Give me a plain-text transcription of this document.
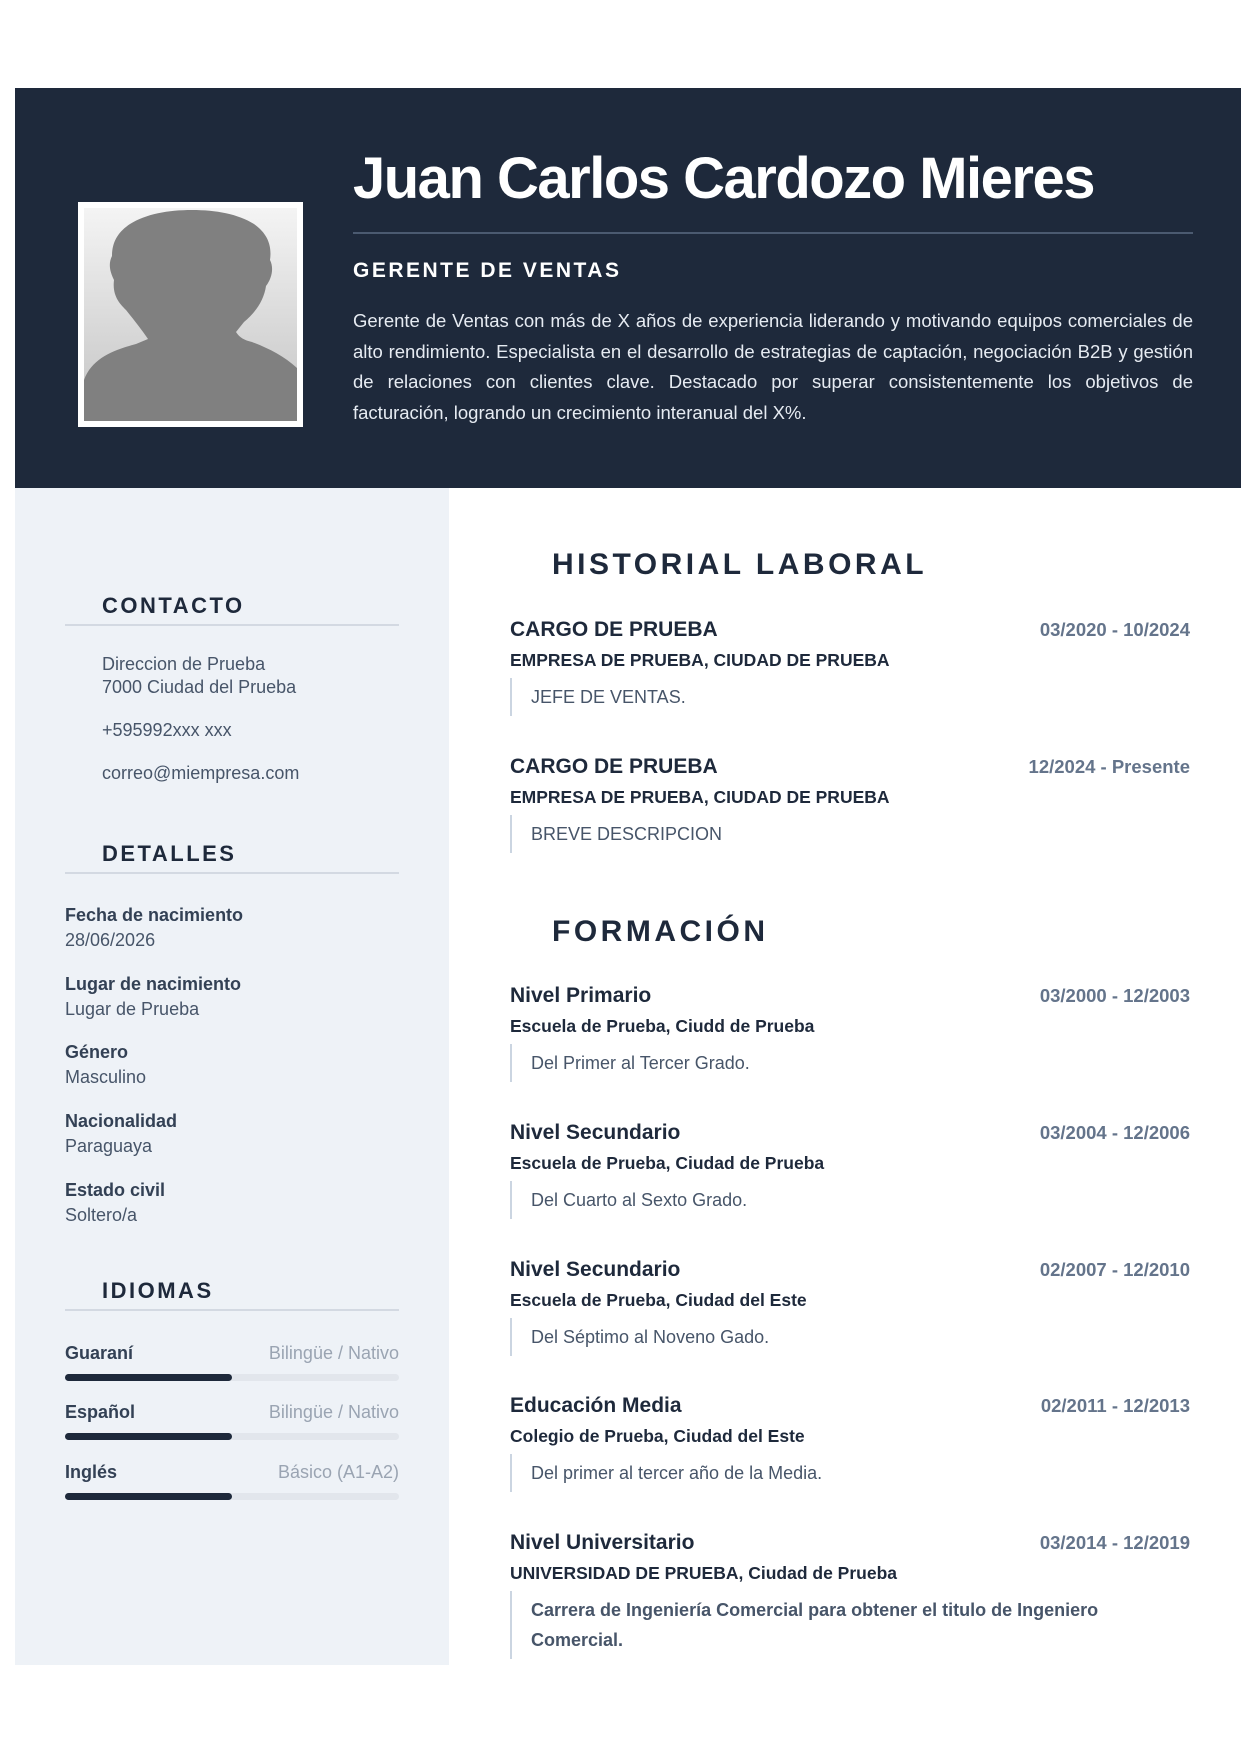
Juan Carlos Cardozo Mieres
GERENTE DE VENTAS
Gerente de Ventas con más de X años de experiencia liderando y motivando equipos comerciales de alto rendimiento. Especialista en el desarrollo de estrategias de captación, negociación B2B y gestión de relaciones con clientes clave. Destacado por superar consistentemente los objetivos de facturación, logrando un crecimiento interanual del X%.
CONTACTO
Direccion de Prueba
7000 Ciudad del Prueba
+595992xxx xxx
correo@miempresa.com
DETALLES
Fecha de nacimiento
28/06/2026
Lugar de nacimiento
Lugar de Prueba
Género
Masculino
Nacionalidad
Paraguaya
Estado civil
Soltero/a
IDIOMAS
Guaraní	Bilingüe / Nativo
Español	Bilingüe / Nativo
Inglés	Básico (A1-A2)
HISTORIAL LABORAL
CARGO DE PRUEBA	03/2020 - 10/2024
EMPRESA DE PRUEBA, CIUDAD DE PRUEBA
JEFE DE VENTAS.
CARGO DE PRUEBA	12/2024 - Presente
EMPRESA DE PRUEBA, CIUDAD DE PRUEBA
BREVE DESCRIPCION
FORMACIÓN
Nivel Primario	03/2000 - 12/2003
Escuela de Prueba, Ciudd de Prueba
Del Primer al Tercer Grado.
Nivel Secundario	03/2004 - 12/2006
Escuela de Prueba, Ciudad de Prueba
Del Cuarto al Sexto Grado.
Nivel Secundario	02/2007 - 12/2010
Escuela de Prueba, Ciudad del Este
Del Séptimo al Noveno Gado.
Educación Media	02/2011 - 12/2013
Colegio de Prueba, Ciudad del Este
Del primer al tercer año de la Media.
Nivel Universitario	03/2014 - 12/2019
UNIVERSIDAD DE PRUEBA, Ciudad de Prueba
Carrera de Ingeniería Comercial para obtener el titulo de Ingeniero Comercial.
